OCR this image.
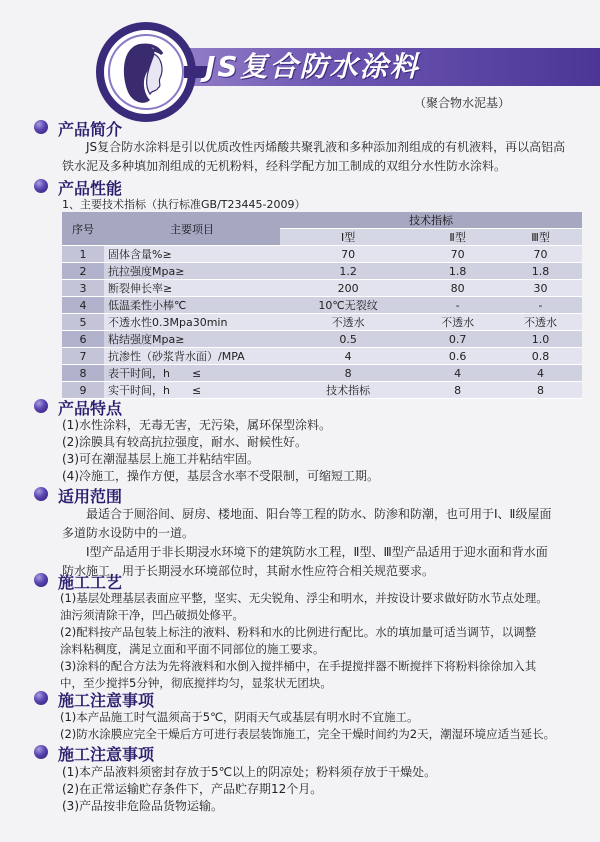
JS复合防水涂料
（聚合物水泥基）
产品简介

JS复合防水涂料是引以优质改性丙烯酸共聚乳液和多种添加剂组成的有机液料，再以高铝高

铁水泥及多种填加剂组成的无机粉料，经科学配方加工制成的双组分水性防水涂料。

产品性能
1、主要技术指标（执行标准GB/T23445-2009）
序号	主要项目	技术指标		
		Ⅰ型	Ⅱ型	Ⅲ型
1	固体含量%≥	70	70	70
2	抗拉强度Mpa≥	1.2	1.8	1.8
3	断裂伸长率≥	200	80	30
4	低温柔性小棒℃	10℃无裂纹	-	-
5	不透水性0.3Mpa30min	不透水	不透水	不透水
6	粘结强度Mpa≥	0.5	0.7	1.0
7	抗渗性（砂浆背水面）/MPA	4	0.6	0.8
8	表干时间，h　　≤	8	4	4
9	实干时间，h　　≤	技术指标	8	8
产品特点

(1)水性涂料，无毒无害，无污染，属环保型涂料。

(2)涂膜具有较高抗拉强度，耐水、耐候性好。

(3)可在潮湿基层上施工并粘结牢固。

(4)冷施工，操作方便，基层含水率不受限制，可缩短工期。

适用范围

最适合于厕浴间、厨房、楼地面、阳台等工程的防水、防渗和防潮，也可用于Ⅰ、Ⅱ级屋面

多道防水设防中的一道。

Ⅰ型产品适用于非长期浸水环境下的建筑防水工程，Ⅱ型、Ⅲ型产品适用于迎水面和背水面

防水施工，用于长期浸水环境部位时，其耐水性应符合相关规范要求。

施工工艺

(1)基层处理基层表面应平整，坚实、无尖锐角、浮尘和明水，并按设计要求做好防水节点处理。

油污须清除干净，凹凸破损处修平。

(2)配料按产品包装上标注的液料、粉料和水的比例进行配比。水的填加量可适当调节，以调整

涂料粘稠度，满足立面和平面不同部位的施工要求。

(3)涂料的配合方法为先将液料和水倒入搅拌桶中，在手提搅拌器不断搅拌下将粉料徐徐加入其

中，至少搅拌5分钟，彻底搅拌均匀，显浆状无团块。

施工注意事项

(1)本产品施工时气温须高于5℃，阴雨天气或基层有明水时不宜施工。

(2)防水涂膜应完全干燥后方可进行表层装饰施工，完全干燥时间约为2天，潮湿环境应适当延长。

施工注意事项

(1)本产品液料须密封存放于5℃以上的阴凉处；粉料须存放于干燥处。

(2)在正常运输贮存条件下，产品贮存期12个月。

(3)产品按非危险品货物运输。
